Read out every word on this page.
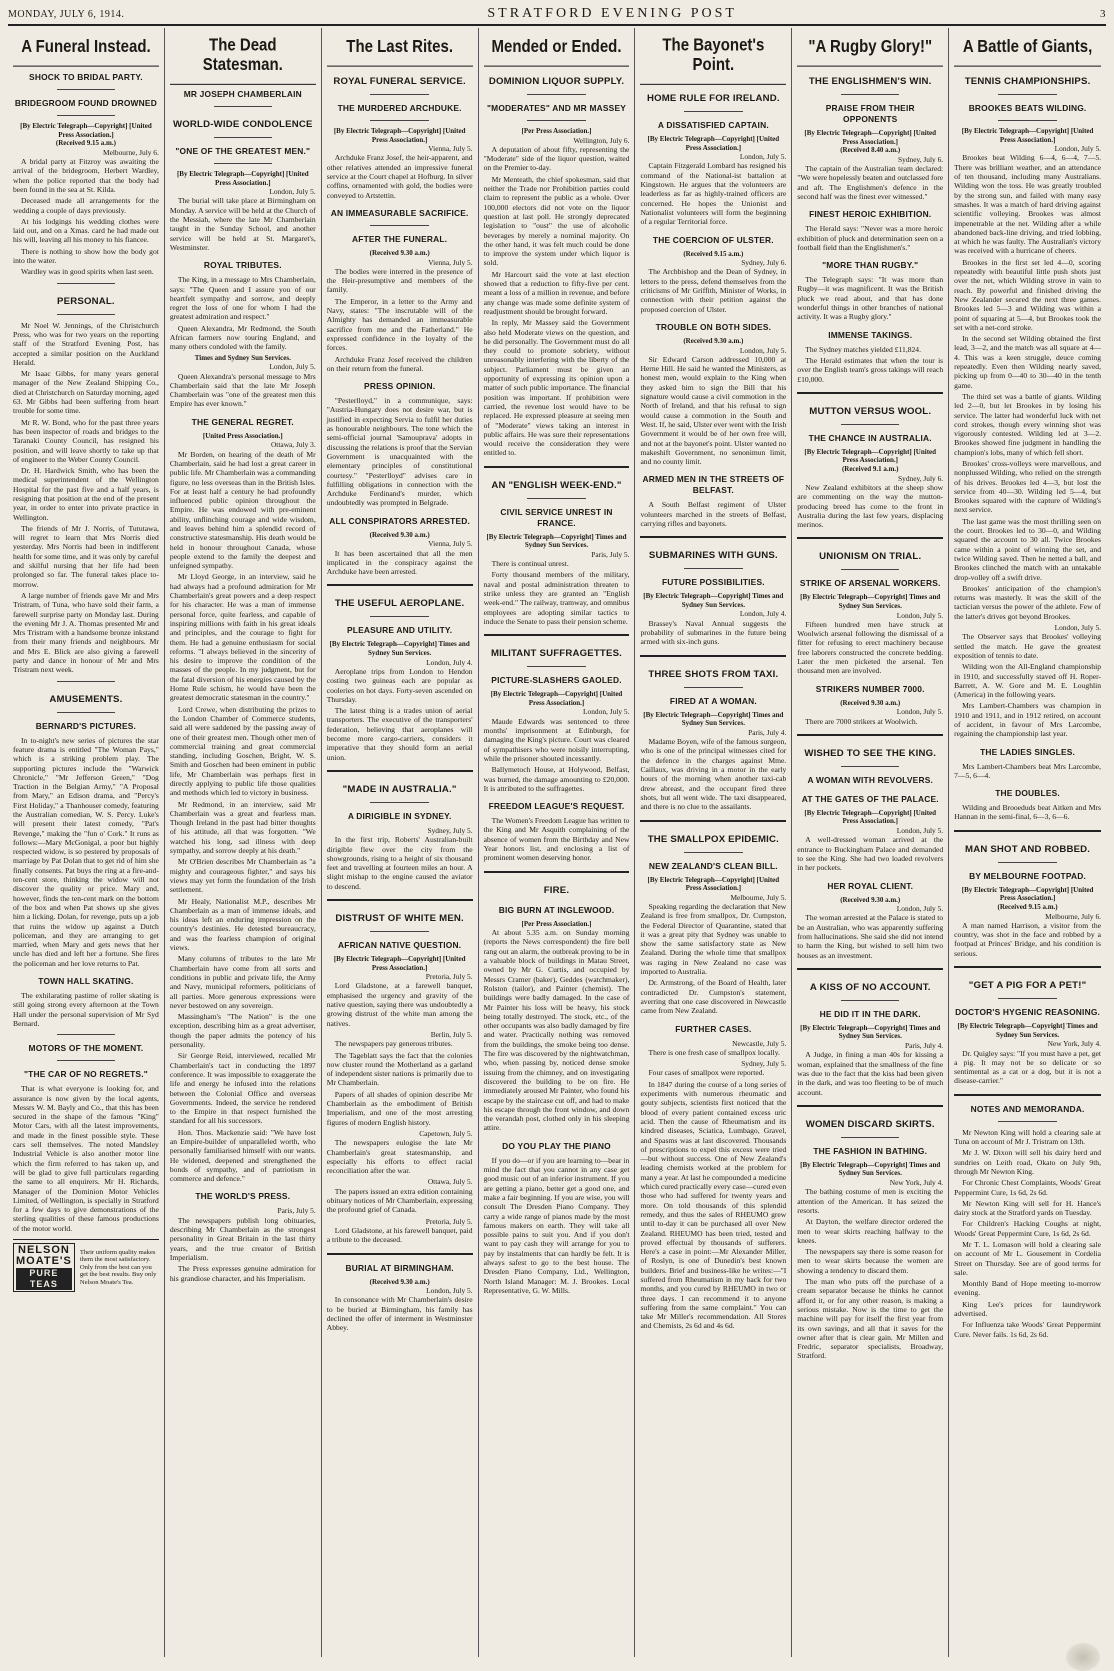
MONDAY, JULY 6, 1914.	STRATFORD EVENING POST	3
A Funeral Instead.
SHOCK TO BRIDAL PARTY.
BRIDEGROOM FOUND DROWNED
[By Electric Telegraph—Copyright] [United Press Association.]
(Received 9.15 a.m.)
Melbourne, July 6.

A bridal party at Fitzroy was awaiting the arrival of the bridegroom, Herbert Wardley, when the police reported that the body had been found in the sea at St. Kilda.

Deceased made all arrangements for the wedding a couple of days previously.

At his lodgings his wedding clothes were laid out, and on a Xmas. card he had made out his will, leaving all his money to his fiancee.

There is nothing to show how the body got into the water.

Wardley was in good spirits when last seen.

PERSONAL.

Mr Noel W. Jennings, of the Christchurch Press, who was for two years on the reporting staff of the Stratford Evening Post, has accepted a similar position on the Auckland Herald.

Mr Isaac Gibbs, for many years general manager of the New Zealand Shipping Co., died at Christchurch on Saturday morning, aged 63. Mr Gibbs had been suffering from heart trouble for some time.

Mr R. W. Bond, who for the past three years has been inspector of roads and bridges to the Taranaki County Council, has resigned his position, and will leave shortly to take up that of engineer to the Weber County Council.

Dr. H. Hardwick Smith, who has been the medical superintendent of the Wellington Hospital for the past five and a half years, is resigning that position at the end of the present year, in order to enter into private practice in Wellington.

The friends of Mr J. Norris, of Tututawa, will regret to learn that Mrs Norris died yesterday. Mrs Norris had been in indifferent health for some time, and it was only by careful and skilful nursing that her life had been prolonged so far. The funeral takes place to-morrow.

A large number of friends gave Mr and Mrs Tristram, of Tuna, who have sold their farm, a farewell surprise party on Monday last. During the evening Mr J. A. Thomas presented Mr and Mrs Tristram with a handsome bronze inkstand from their many friends and neighbours. Mr and Mrs E. Blick are also giving a farewell party and dance in honour of Mr and Mrs Tristram next week.

AMUSEMENTS.
BERNARD'S PICTURES.

In to-night's new series of pictures the star feature drama is entitled "The Woman Pays," which is a striking problem play. The supporting pictures include the "Warwick Chronicle," "Mr Jefferson Green," "Dog Traction in the Belgian Army," "A Proposal from Mary," an Edison drama, and "Percy's First Holiday," a Thanhouser comedy, featuring the Australian comedian, W. S. Percy. Luke's will present their latest comedy, "Pat's Revenge," making the "fun o' Cork." It runs as follows:—Mary McGonigal, a poor but highly respected widow, is so pestered by proposals of marriage by Pat Dolan that to get rid of him she finally consents. Pat buys the ring at a fire-and-ten-cent store, thinking the widow will not discover the quality or price. Mary and, however, finds the ten-cent mark on the bottom of the box and when Pat shows up she gives him a licking. Dolan, for revenge, puts up a job that ruins the widow up against a Dutch policeman, and they are arranging to get married, when Mary and gets news that her uncle has died and left her a fortune. She fires the policeman and her love returns to Pat.

TOWN HALL SKATING.

The exhilarating pastime of roller skating is still going strong every afternoon at the Town Hall under the personal supervision of Mr Syd Bernard.

MOTORS OF THE MOMENT.
"THE CAR OF NO REGRETS."

That is what everyone is looking for, and assurance is now given by the local agents, Messrs W. M. Bayly and Co., that this has been secured in the shape of the famous "King" Motor Cars, with all the latest improvements, and made in the finest possible style. These cars sell themselves. The noted Mandsley Industrial Vehicle is also another motor line which the firm referred to has taken up, and will be glad to give full particulars regarding the same to all enquirers. Mr H. Richards, Manager of the Dominion Motor Vehicles Limited, of Wellington, is specially in Stratford for a few days to give demonstrations of the sterling qualities of these famous productions of the motor world.

NELSON MOATE'S
PURE TEAS
Their uniform quality makes them the most satisfactory. Only from the best can you get the best results. Buy only Nelson Moate's Tea.
The Dead Statesman.
MR JOSEPH CHAMBERLAIN
WORLD-WIDE CONDOLENCE
"ONE OF THE GREATEST MEN."
[By Electric Telegraph—Copyright] [United Press Association.]
London, July 5.

The burial will take place at Birmingham on Monday. A service will be held at the Church of the Messiah, where the late Mr Chamberlain taught in the Sunday School, and another service will be held at St. Margaret's, Westminster.

ROYAL TRIBUTES.

The King, in a message to Mrs Chamberlain, says: "The Queen and I assure you of our heartfelt sympathy and sorrow, and deeply regret the loss of one for whom I had the greatest admiration and respect."

Queen Alexandra, Mr Redmond, the South African farmers now touring England, and many others condoled with the family.

Times and Sydney Sun Services.
London, July 5.

Queen Alexandra's personal message to Mrs Chamberlain said that the late Mr Joseph Chamberlain was "one of the greatest men this Empire has ever known."

THE GENERAL REGRET.
[United Press Association.]
Ottawa, July 3.

Mr Borden, on hearing of the death of Mr Chamberlain, said he had lost a great career in public life. Mr Chamberlain was a commanding figure, no less overseas than in the British Isles. For at least half a century he had profoundly influenced public opinion throughout the Empire. He was endowed with pre-eminent ability, unflinching courage and wide wisdom, and leaves behind him a splendid record of constructive statesmanship. His death would be held in honour throughout Canada, whose people extend to the family the deepest and unfeigned sympathy.

Mr Lloyd George, in an interview, said he had always had a profound admiration for Mr Chamberlain's great powers and a deep respect for his character. He was a man of immense personal force, quite fearless, and capable of inspiring millions with faith in his great ideals and principles, and the courage to fight for them. He had a genuine enthusiasm for social reforms. "I always believed in the sincerity of his desire to improve the condition of the masses of the people. In my judgment, but for the fatal diversion of his energies caused by the Home Rule schism, he would have been the greatest democratic statesman in the country."

Lord Crewe, when distributing the prizes to the London Chamber of Commerce students, said all were saddened by the passing away of one of their greatest men. Though other men of commercial training and great commercial standing, including Goschen, Bright, W. S. Smith and Goschen had been eminent in public life, Mr Chamberlain was perhaps first in directly applying to public life those qualities and methods which led to victory in business.

Mr Redmond, in an interview, said Mr Chamberlain was a great and fearless man. Though Ireland in the past had bitter thoughts of his attitude, all that was forgotten. "We watched his long, sad illness with deep sympathy, and sorrow deeply at his death."

Mr O'Brien describes Mr Chamberlain as "a mighty and courageous fighter," and says his views may yet form the foundation of the Irish settlement.

Mr Healy, Nationalist M.P., describes Mr Chamberlain as a man of immense ideals, and his ideas left an enduring impression on the country's destinies. He detested bureaucracy, and was the fearless champion of original views.

Many columns of tributes to the late Mr Chamberlain have come from all sorts and conditions in public and private life, the Army and Navy, municipal reformers, politicians of all parties. More generous expressions were never bestowed on any sovereign.

Massingham's "The Nation" is the one exception, describing him as a great advertiser, though the paper admits the potency of his personality.

Sir George Reid, interviewed, recalled Mr Chamberlain's tact in conducting the 1897 conference. It was impossible to exaggerate the life and energy he infused into the relations between the Colonial Office and overseas Governments. Indeed, the service he rendered to the Empire in that respect furnished the standard for all his successors.

Hon. Thos. Mackenzie said: "We have lost an Empire-builder of unparalleled worth, who personally familiarised himself with our wants. He widened, deepened and strengthened the bonds of sympathy, and of patriotism in commerce and defence."

THE WORLD'S PRESS.
Paris, July 5.

The newspapers publish long obituaries, describing Mr Chamberlain as the strongest personality in Great Britain in the last thirty years, and the true creator of British Imperialism.

The Press expresses genuine admiration for his grandiose character, and his Imperialism.

The Last Rites.
ROYAL FUNERAL SERVICE.
THE MURDERED ARCHDUKE.
[By Electric Telegraph—Copyright] [United Press Association.]
Vienna, July 5.

Archduke Franz Josef, the heir-apparent, and other relatives attended an impressive funeral service at the Court chapel at Hofburg. In silver coffins, ornamented with gold, the bodies were conveyed to Artstettin.

AN IMMEASURABLE SACRIFICE.
AFTER THE FUNERAL.
(Received 9.30 a.m.)
Vienna, July 5.

The bodies were interred in the presence of the Heir-presumptive and members of the family.

The Emperor, in a letter to the Army and Navy, states: "The inscrutable will of the Almighty has demanded an immeasurable sacrifice from me and the Fatherland." He expressed confidence in the loyalty of the forces.

Archduke Franz Josef received the children on their return from the funeral.

PRESS OPINION.

"Pesterlloyd," in a communique, says: "Austria-Hungary does not desire war, but is justified in expecting Servia to fulfil her duties as honourable neighbours. The tone which the semi-official journal 'Samouprava' adopts in discussing the relations is proof that the Servian Government is unacquainted with the elementary principles of constitutional courtesy." "Pesterlloyd" advises care in fulfilling obligations in connection with the Archduke Ferdinand's murder, which undoubtedly was prompted in Belgrade.

ALL CONSPIRATORS ARRESTED.
(Received 9.30 a.m.)
Vienna, July 5.

It has been ascertained that all the men implicated in the conspiracy against the Archduke have been arrested.

THE USEFUL AEROPLANE.
PLEASURE AND UTILITY.
[By Electric Telegraph—Copyright] Times and Sydney Sun Services.
London, July 4.

Aeroplane trips from London to Hendon costing two guineas each are popular as cooleries on hot days. Forty-seven ascended on Thursday.

The latest thing is a trades union of aerial transporters. The executive of the transporters' federation, believing that aeroplanes will become more cargo-carriers, considers it imperative that they should form an aerial union.

"MADE IN AUSTRALIA."
A DIRIGIBLE IN SYDNEY.
Sydney, July 5.

In the first trip, Roberts' Australian-built dirigible flew over the city from the showgrounds, rising to a height of six thousand feet and travelling at fourteen miles an hour. A slight mishap to the engine caused the aviator to descend.

DISTRUST OF WHITE MEN.
AFRICAN NATIVE QUESTION.
[By Electric Telegraph—Copyright] [United Press Association.]
Pretoria, July 5.

Lord Gladstone, at a farewell banquet, emphasised the urgency and gravity of the native question, saying there was undoubtedly a growing distrust of the white man among the natives.

Berlin, July 5.

The newspapers pay generous tributes.

The Tageblatt says the fact that the colonies now cluster round the Motherland as a garland of independent sister nations is primarily due to Mr Chamberlain.

Papers of all shades of opinion describe Mr Chamberlain as the embodiment of British Imperialism, and one of the most arresting figures of modern English history.

Capetown, July 5.

The newspapers eulogise the late Mr Chamberlain's great statesmanship, and especially his efforts to effect racial reconciliation after the war.

Ottawa, July 5.

The papers issued an extra edition containing obituary notices of Mr Chamberlain, expressing the profound grief of Canada.

Pretoria, July 5.

Lord Gladstone, at his farewell banquet, paid a tribute to the deceased.

BURIAL AT BIRMINGHAM.
(Received 9.30 a.m.)
London, July 5.

In consonance with Mr Chamberlain's desire to be buried at Birmingham, his family has declined the offer of interment in Westminster Abbey.

Mended or Ended.
DOMINION LIQUOR SUPPLY.
"MODERATES" AND MR MASSEY
[Per Press Association.]
Wellington, July 6.

A deputation of about fifty, representing the "Moderate" side of the liquor question, waited on the Premier to-day.

Mr Menteath, the chief spokesman, said that neither the Trade nor Prohibition parties could claim to represent the public as a whole. Over 100,000 electors did not vote on the liquor question at last poll. He strongly deprecated legislation to "oust" the use of alcoholic beverages by merely a nominal majority. On the other hand, it was felt much could be done to improve the system under which liquor is sold.

Mr Harcourt said the vote at last election showed that a reduction to fifty-five per cent. meant a loss of a million in revenue, and before any change was made some definite system of readjustment should be brought forward.

In reply, Mr Massey said the Government also held Moderate views on the question, and he did personally. The Government must do all they could to promote sobriety, without unreasonably interfering with the liberty of the subject. Parliament must be given an opportunity of expressing its opinion upon a matter of such public importance. The financial position was important. If prohibition were carried, the revenue lost would have to be replaced. He expressed pleasure at seeing men of "Moderate" views taking an interest in public affairs. He was sure their representations would receive the consideration they were entitled to.

AN "ENGLISH WEEK-END."
CIVIL SERVICE UNREST IN FRANCE.
[By Electric Telegraph—Copyright] Times and Sydney Sun Services.
Paris, July 5.

There is continual unrest.

Forty thousand members of the military, naval and postal administration threaten to strike unless they are granted an "English week-end." The railway, tramway, and omnibus employees are adopting similar tactics to induce the Senate to pass their pension scheme.

MILITANT SUFFRAGETTES.
PICTURE-SLASHERS GAOLED.
[By Electric Telegraph—Copyright] [United Press Association.]
London, July 5.

Maude Edwards was sentenced to three months' imprisonment at Edinburgh, for damaging the King's picture. Court was cleared of sympathisers who were noisily interrupting, while the prisoner shouted incessantly.

Ballymetoch House, at Holywood, Belfast, was burned, the damage amounting to £20,000. It is attributed to the suffragettes.

FREEDOM LEAGUE'S REQUEST.

The Women's Freedom League has written to the King and Mr Asquith complaining of the absence of women from the Birthday and New Year honors list, and enclosing a list of prominent women deserving honor.

FIRE.
BIG BURN AT INGLEWOOD.
[Per Press Association.]

At about 5.35 a.m. on Sunday morning (reports the News correspondent) the fire bell rang out an alarm, the outbreak proving to be in a valuable block of buildings in Matau Street, owned by Mr G. Curtis, and occupied by Messrs Cramer (baker), Geddes (watchmaker), Rolston (tailor), and Painter (chemist). The buildings were badly damaged. In the case of Mr Painter his loss will be heavy, his stock being totally destroyed. The stock, etc., of the other occupants was also badly damaged by fire and water. Practically nothing was removed from the buildings, the smoke being too dense. The fire was discovered by the nightwatchman, who, when passing by, noticed dense smoke issuing from the chimney, and on investigating discovered the building to be on fire. He immediately aroused Mr Painter, who found his escape by the staircase cut off, and had to make his escape through the front window, and down the verandah post, clothed only in his sleeping attire.

DO YOU PLAY THE PIANO

If you do—or if you are learning to—bear in mind the fact that you cannot in any case get good music out of an inferior instrument. If you are getting a piano, better get a good one, and make a fair beginning. If you are wise, you will consult The Dresden Piano Company. They carry a wide range of pianos made by the most famous makers on earth. They will take all possible pains to suit you. And if you don't want to pay cash they will arrange for you to pay by instalments that can hardly be felt. It is always safest to go to the best house. The Dresden Piano Company, Ltd., Wellington, North Island Manager: M. J. Brookes. Local Representative, G. W. Mills.

The Bayonet's Point.
HOME RULE FOR IRELAND.
A DISSATISFIED CAPTAIN.
[By Electric Telegraph—Copyright] [United Press Association.]
London, July 5.

Captain Fitzgerald Lombard has resigned his command of the National-ist battalion at Kingstown. He argues that the volunteers are leaderless as far as highly-trained officers are concerned. He hopes the Unionist and Nationalist volunteers will form the beginning of a regular Territorial force.

THE COERCION OF ULSTER.
(Received 9.15 a.m.)
Sydney, July 6.

The Archbishop and the Dean of Sydney, in letters to the press, defend themselves from the criticisms of Mr Griffith, Minister of Works, in connection with their petition against the proposed coercion of Ulster.

TROUBLE ON BOTH SIDES.
(Received 9.30 a.m.)
London, July 5.

Sir Edward Carson addressed 10,000 at Herne Hill. He said he wanted the Ministers, as honest men, would explain to the King when they asked him to sign the Bill that his signature would cause a civil commotion in the North of Ireland, and that his refusal to sign would cause a commotion in the South and West. If, he said, Ulster ever went with the Irish Government it would be of her own free will, and not at the bayonet's point. Ulster wanted no makeshift Government, no senonimun limit, and no county limit.

ARMED MEN IN THE STREETS OF BELFAST.

A South Belfast regiment of Ulster volunteers marched in the streets of Belfast, carrying rifles and bayonets.

SUBMARINES WITH GUNS.
FUTURE POSSIBILITIES.
[By Electric Telegraph—Copyright] Times and Sydney Sun Services.
London, July 4.

Brassey's Naval Annual suggests the probability of submarines in the future being armed with six-inch guns.

THREE SHOTS FROM TAXI.
FIRED AT A WOMAN.
[By Electric Telegraph—Copyright] Times and Sydney Sun Services.
Paris, July 4.

Madame Boyen, wife of the famous surgeon, who is one of the principal witnesses cited for the defence in the charges against Mme. Caillaux, was driving in a motor in the early hours of the morning when another taxi-cab drew abreast, and the occupant fired three shots, but all went wide. The taxi disappeared, and there is no clue to the assailants.

THE SMALLPOX EPIDEMIC.
NEW ZEALAND'S CLEAN BILL.
[By Electric Telegraph—Copyright] [United Press Association.]
Melbourne, July 5.

Speaking regarding the declaration that New Zealand is free from smallpox, Dr. Cumpston, the Federal Director of Quarantine, stated that it was a great pity that Sydney was unable to show the same satisfactory state as New Zealand. During the whole time that smallpox was raging in New Zealand no case was imported to Australia.

Dr. Armstrong, of the Board of Health, later contradicted Dr. Cumpston's statement, averring that one case discovered in Newcastle came from New Zealand.

FURTHER CASES.
Newcastle, July 5.

There is one fresh case of smallpox locally.

Sydney, July 5.

Four cases of smallpox were reported.

In 1847 during the course of a long series of experiments with numerous rheumatic and gouty subjects, scientists first noticed that the blood of every patient contained excess uric acid. Then the cause of Rheumatism and its kindred diseases, Sciatica, Lumbago, Gravel, and Spasms was at last discovered. Thousands of prescriptions to expel this excess were tried—but without success. One of New Zealand's leading chemists worked at the problem for many a year. At last he compounded a medicine which cured practically every case—cured even those who had suffered for twenty years and more. On told thousands of this splendid remedy, and thus the sales of RHEUMO grew until to-day it can be purchased all over New Zealand. RHEUMO has been tried, tested and proved effectual by thousands of sufferers. Here's a case in point:—Mr Alexander Miller, of Roslyn, is one of Dunedin's best known builders. Brief and business-like he writes:—"I suffered from Rheumatism in my back for two months, and you cured by RHEUMO in two or three days. I can recommend it to anyone suffering from the same complaint." You can take Mr Miller's recommendation. All Stores and Chemists, 2s 6d and 4s 6d.

"A Rugby Glory!"
THE ENGLISHMEN'S WIN.
PRAISE FROM THEIR OPPONENTS
[By Electric Telegraph—Copyright] [United Press Association.]
(Received 8.40 a.m.)
Sydney, July 6.

The captain of the Australian team declared: "We were hopelessly beaten and outclassed fore and aft. The Englishmen's defence in the second half was the finest ever witnessed."

FINEST HEROIC EXHIBITION.

The Herald says: "Never was a more heroic exhibition of pluck and determination seen on a football field than the Englishmen's."

"MORE THAN RUGBY."

The Telegraph says: "It was more than Rugby—it was magnificent. It was the British pluck we read about, and that has done wonderful things in other branches of national activity. It was a Rugby glory."

IMMENSE TAKINGS.

The Sydney matches yielded £11,824.

The Herald estimates that when the tour is over the English team's gross takings will reach £10,000.

MUTTON VERSUS WOOL.
THE CHANCE IN AUSTRALIA.
[By Electric Telegraph—Copyright] [United Press Association.]
(Received 9.1 a.m.)
Sydney, July 6.

New Zealand exhibitors at the sheep show are commenting on the way the mutton-producing breed has come to the front in Australia during the last few years, displacing merinos.

UNIONISM ON TRIAL.
STRIKE OF ARSENAL WORKERS.
[By Electric Telegraph—Copyright] Times and Sydney Sun Services.
London, July 5.

Fifteen hundred men have struck at Woolwich arsenal following the dismissal of a fitter for refusing to erect machinery because free laborers constructed the concrete bedding. Later the men picketed the arsenal. Ten thousand men are involved.

STRIKERS NUMBER 7000.
(Received 9.30 a.m.)
London, July 5.

There are 7000 strikers at Woolwich.

WISHED TO SEE THE KING.
A WOMAN WITH REVOLVERS.
AT THE GATES OF THE PALACE.
[By Electric Telegraph—Copyright] [United Press Association.]
London, July 5.

A well-dressed woman arrived at the entrance to Buckingham Palace and demanded to see the King. She had two loaded revolvers in her pockets.

HER ROYAL CLIENT.
(Received 9.30 a.m.)
London, July 5.

The woman arrested at the Palace is stated to be an Australian, who was apparently suffering from hallucinations. She said she did not intend to harm the King, but wished to sell him two houses as an investment.

A KISS OF NO ACCOUNT.
HE DID IT IN THE DARK.
[By Electric Telegraph—Copyright] Times and Sydney Sun Services.
Paris, July 4.

A Judge, in fining a man 40s for kissing a woman, explained that the smallness of the fine was due to the fact that the kiss had been given in the dark, and was too fleeting to be of much account.

WOMEN DISCARD SKIRTS.
THE FASHION IN BATHING.
[By Electric Telegraph—Copyright] Times and Sydney Sun Services.
New York, July 4.

The bathing costume of men is exciting the attention of the American. It has seized the resorts.

At Dayton, the welfare director ordered the men to wear skirts reaching halfway to the knees.

The newspapers say there is some reason for men to wear skirts because the women are showing a tendency to discard them.

The man who puts off the purchase of a cream separator because he thinks he cannot afford it, or for any other reason, is making a serious mistake. Now is the time to get the machine will pay for itself the first year from its own savings, and all that it saves for the owner after that is clear gain. Mr Millen and Fredric, separator specialists, Broadway, Stratford.

A Battle of Giants,
TENNIS CHAMPIONSHIPS.
BROOKES BEATS WILDING.
[By Electric Telegraph—Copyright] [United Press Association.]
London, July 5.

Brookes beat Wilding 6—4, 6—4, 7—5. There was brilliant weather, and an attendance of ten thousand, including many Australians. Wilding won the toss. He was greatly troubled by the strong sun, and failed with many easy smashes. It was a match of hard driving against scientific volleying. Brookes was almost impenetrable at the net. Wilding after a while abandoned back-line driving, and tried lobbing, at which he was faulty. The Australian's victory was received with a hurricane of cheers.

Brookes in the first set led 4—0, scoring repeatedly with beautiful little push shots just over the net, which Wilding strove in vain to reach. By powerful and finished driving the New Zealander secured the next three games. Brookes led 5—3 and Wilding was within a point of squaring at 5—4, but Brookes took the set with a net-cord stroke.

In the second set Wilding obtained the first lead, 3—2, and the match was all square at 4—4. This was a keen struggle, deuce coming repeatedly. Even then Wilding nearly saved, picking up from 0—40 to 30—40 in the tenth game.

The third set was a battle of giants. Wilding led 2—0, but let Brookes in by losing his service. The latter had wonderful luck with net cord strokes, though every winning shot was vigorously contested. Wilding led at 3—2. Brookes showed fine judgment in handling the champion's lobs, many of which fell short.

Brookes' cross-volleys were marvellous, and nonplussed Wilding, who relied on the strength of his drives. Brookes led 4—3, but lost the service from 40—30. Wilding led 5—4, but Brookes squared with the capture of Wilding's next service.

The last game was the most thrilling seen on the court. Brookes led to 30—0, and Wilding squared the account to 30 all. Twice Brookes came within a point of winning the set, and twice Wilding saved. Then he netted a ball, and Brookes clinched the match with an untakable drop-volley off a swift drive.

Brookes' anticipation of the champion's returns was masterly. It was the skill of the tactician versus the power of the athlete. Few of the latter's drives got beyond Brookes.

London, July 5.

The Observer says that Brookes' volleying settled the match. He gave the greatest exposition of tennis to date.

Wilding won the All-England championship in 1910, and successfully staved off H. Roper-Barrett, A. W. Gore and M. E. Loughlin (America) in the following years.

Mrs Lambert-Chambers was champion in 1910 and 1911, and in 1912 retired, on account of accident, in favour of Mrs Larcombe, regaining the championship last year.

THE LADIES SINGLES.

Mrs Lambert-Chambers beat Mrs Larcombe, 7—5, 6—4.

THE DOUBLES.

Wilding and Brooeduds beat Aitken and Mrs Hannan in the semi-final, 6—3, 6—6.

MAN SHOT AND ROBBED.
BY MELBOURNE FOOTPAD.
[By Electric Telegraph—Copyright] [United Press Association.]
(Received 9.15 a.m.)
Melbourne, July 6.

A man named Harrison, a visitor from the country, was shot in the face and robbed by a footpad at Princes' Bridge, and his condition is serious.

"GET A PIG FOR A PET!"
DOCTOR'S HYGENIC REASONING.
[By Electric Telegraph—Copyright] Times and Sydney Sun Services.
New York, July 4.

Dr. Quigley says: "If you must have a pet, get a pig. It may not be so delicate or so sentimental as a cat or a dog, but it is not a disease-carrier."

NOTES AND MEMORANDA.

Mr Newton King will hold a clearing sale at Tuna on account of Mr J. Tristram on 13th.

Mr J. W. Dixon will sell his dairy herd and sundries on Leith road, Okato on July 9th, through Mr Newton King.

For Chronic Chest Complaints, Woods' Great Peppermint Cure, 1s 6d, 2s 6d.

Mr Newton King will sell for H. Hance's dairy stock at the Stratford yards on Tuesday.

For Children's Hacking Coughs at night, Woods' Great Peppermint Cure, 1s 6d, 2s 6d.

Mr T. L. Lomason will hold a clearing sale on account of Mr L. Gousement in Cordelia Street on Thursday. See are of good terms for sale.

Monthly Band of Hope meeting to-morrow evening.

King Lee's prices for laundrywork advertised.

For Influenza take Woods' Great Peppermint Cure. Never fails. 1s 6d, 2s 6d.
